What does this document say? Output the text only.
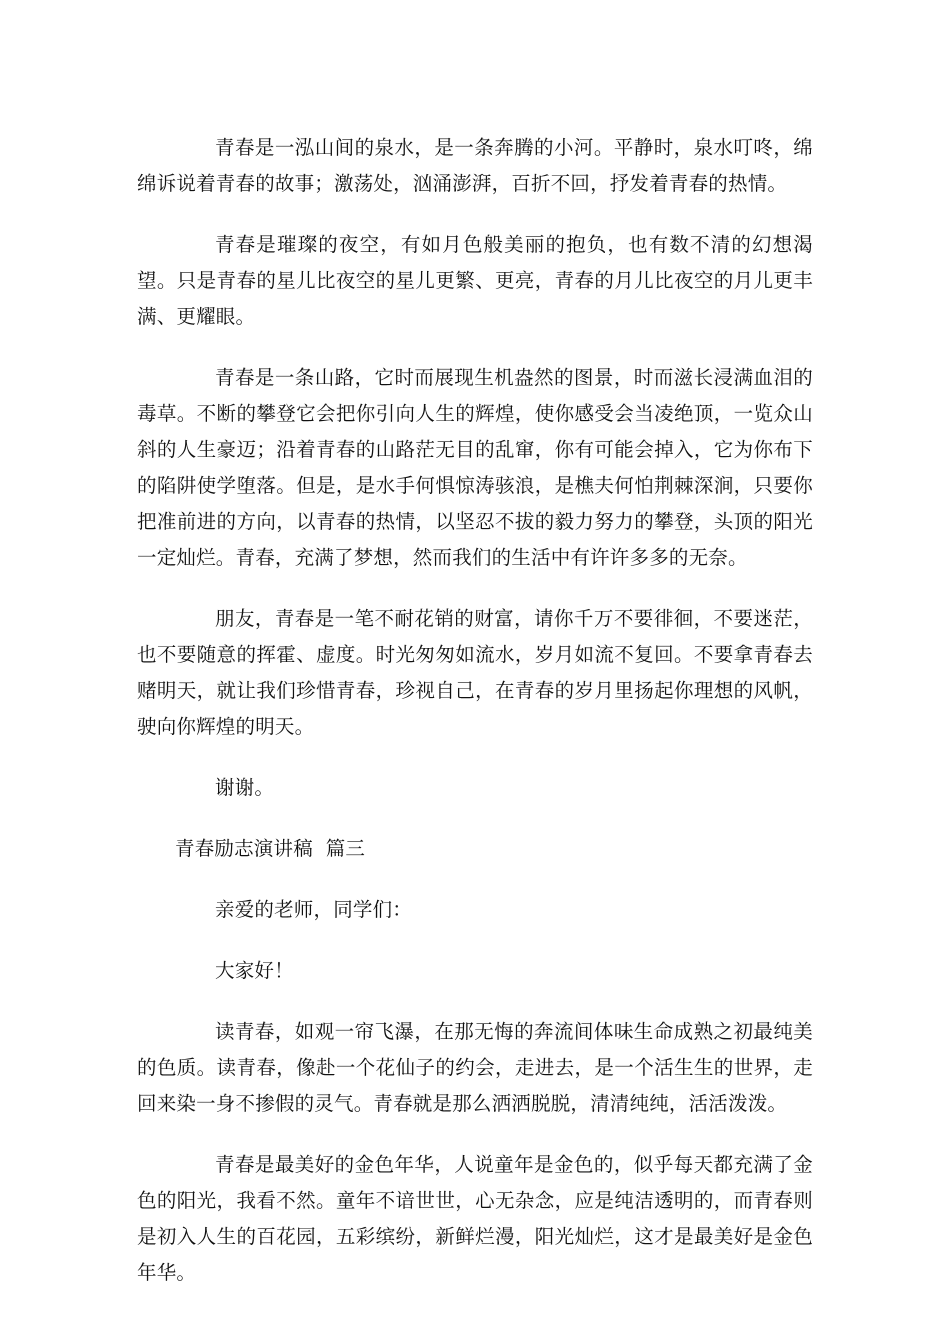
青春是一泓山间的泉水，是一条奔腾的小河。平静时，泉水叮咚，绵绵诉说着青春的故事；激荡处，汹涌澎湃，百折不回，抒发着青春的热情。

青春是璀璨的夜空，有如月色般美丽的抱负，也有数不清的幻想渴望。只是青春的星儿比夜空的星儿更繁、更亮，青春的月儿比夜空的月儿更丰满、更耀眼。

青春是一条山路，它时而展现生机盎然的图景，时而滋长浸满血泪的毒草。不断的攀登它会把你引向人生的辉煌，使你感受会当凌绝顶，一览众山斜的人生豪迈；沿着青春的山路茫无目的乱窜，你有可能会掉入，它为你布下的陷阱使学堕落。但是，是水手何惧惊涛骇浪，是樵夫何怕荆棘深涧，只要你把准前进的方向，以青春的热情，以坚忍不拔的毅力努力的攀登，头顶的阳光一定灿烂。青春，充满了梦想，然而我们的生活中有许许多多的无奈。

朋友，青春是一笔不耐花销的财富，请你千万不要徘徊，不要迷茫，也不要随意的挥霍、虚度。时光匆匆如流水，岁月如流不复回。不要拿青春去赌明天，就让我们珍惜青春，珍视自己，在青春的岁月里扬起你理想的风帆，驶向你辉煌的明天。

谢谢。

青春励志演讲稿  篇三

亲爱的老师，同学们：

大家好！

读青春，如观一帘飞瀑，在那无悔的奔流间体味生命成熟之初最纯美的色质。读青春，像赴一个花仙子的约会，走进去，是一个活生生的世界，走回来染一身不掺假的灵气。青春就是那么洒洒脱脱，清清纯纯，活活泼泼。

青春是最美好的金色年华，人说童年是金色的，似乎每天都充满了金色的阳光，我看不然。童年不谙世世，心无杂念，应是纯洁透明的，而青春则是初入人生的百花园，五彩缤纷，新鲜烂漫，阳光灿烂，这才是最美好是金色年华。
